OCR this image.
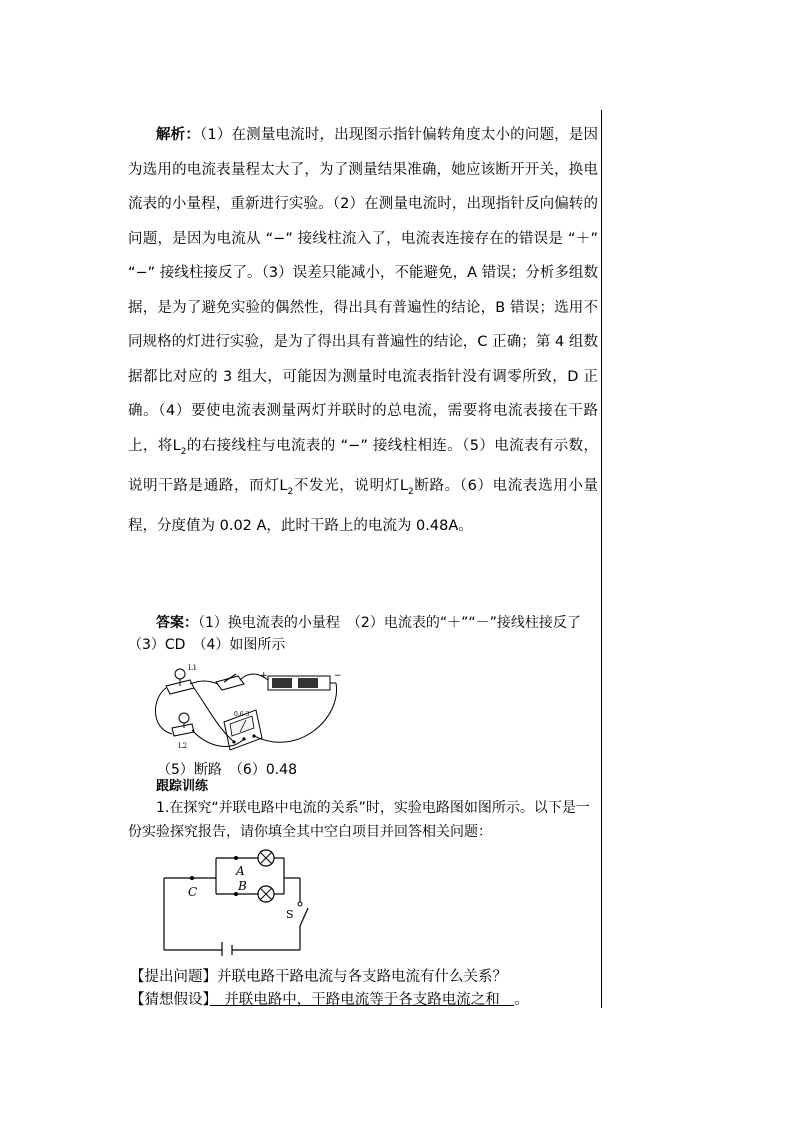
解析：（1）在测量电流时，出现图示指针偏转角度太小的问题，是因为选用的电流表量程太大了，为了测量结果准确，她应该断开开关，换电流表的小量程，重新进行实验。（2）在测量电流时，出现指针反向偏转的问题，是因为电流从 “−” 接线柱流入了，电流表连接存在的错误是 “＋” “−” 接线柱接反了。（3）误差只能减小，不能避免，A 错误；分析多组数据，是为了避免实验的偶然性，得出具有普遍性的结论，B 错误；选用不同规格的灯进行实验，是为了得出具有普遍性的结论，C 正确；第 4 组数据都比对应的 3 组大，可能因为测量时电流表指针没有调零所致，D 正确。（4）要使电流表测量两灯并联时的总电流，需要将电流表接在干路上，将$L_2$的右接线柱与电流表的 “−” 接线柱相连。（5）电流表有示数，说明干路是通路，而灯$L_2$不发光，说明灯$L_2$断路。（6）电流表选用小量程，分度值为 0.02 A，此时干路上的电流为 0.48A。
答案：（1）换电流表的小量程　（2）电流表的“＋”“－”接线柱接反了　（3）CD　（4）如图所示
L1
+	−
L2
0.6 3
（5）断路　（6）0.48
跟踪训练
1.在探究“并联电路中电流的关系”时，实验电路图如图所示。以下是一份实验探究报告，请你填全其中空白项目并回答相关问题：
A
B
C
S
【提出问题】并联电路干路电流与各支路电流有什么关系？
【猜想假设】　并联电路中，干路电流等于各支路电流之和　。
